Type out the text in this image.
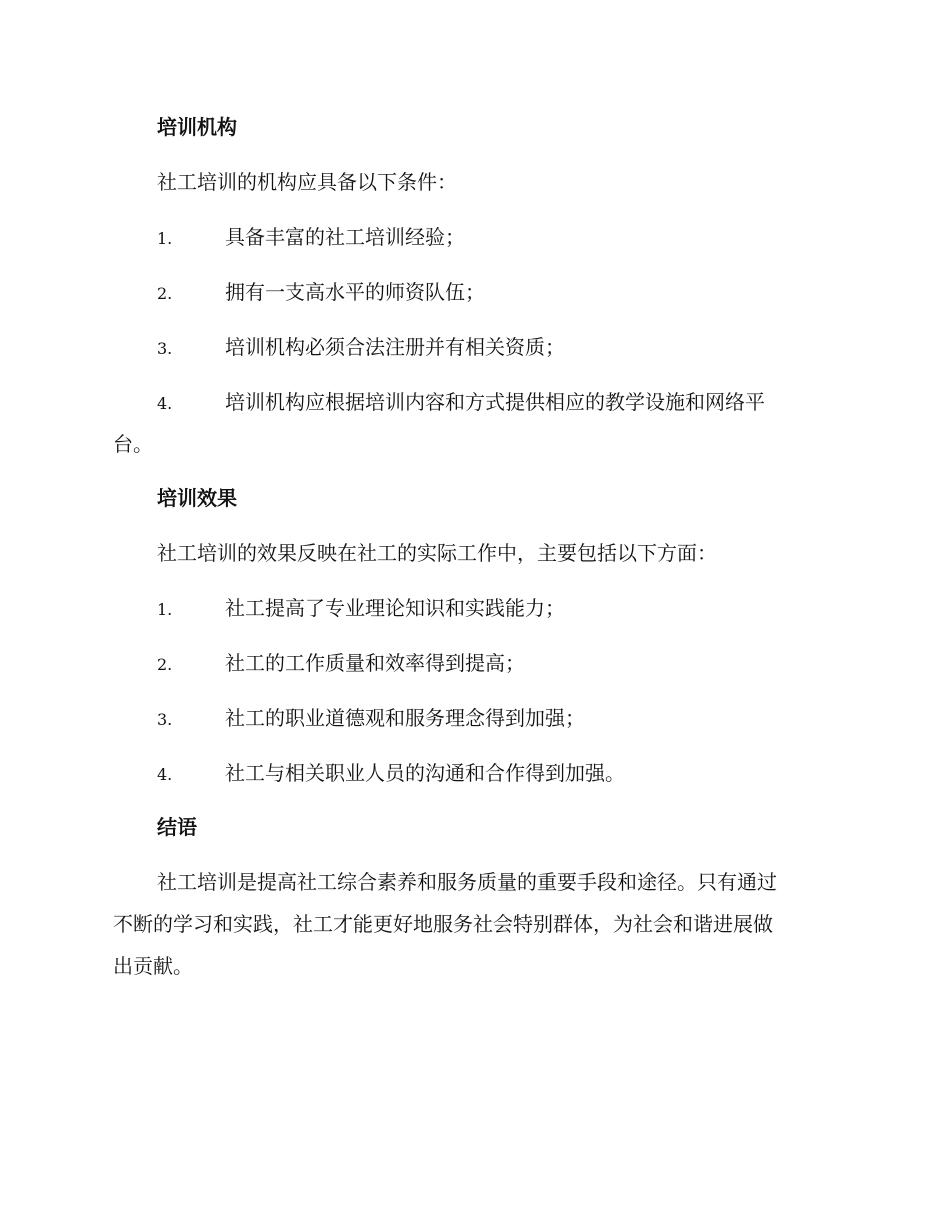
培训机构
社工培训的机构应具备以下条件：
1.	具备丰富的社工培训经验；
2.	拥有一支高水平的师资队伍；
3.	培训机构必须合法注册并有相关资质；
4.	培训机构应根据培训内容和方式提供相应的教学设施和网络平
台。
培训效果
社工培训的效果反映在社工的实际工作中，主要包括以下方面：
1.	社工提高了专业理论知识和实践能力；
2.	社工的工作质量和效率得到提高；
3.	社工的职业道德观和服务理念得到加强；
4.	社工与相关职业人员的沟通和合作得到加强。
结语
社工培训是提高社工综合素养和服务质量的重要手段和途径。只有通过
不断的学习和实践，社工才能更好地服务社会特别群体，为社会和谐进展做
出贡献。
